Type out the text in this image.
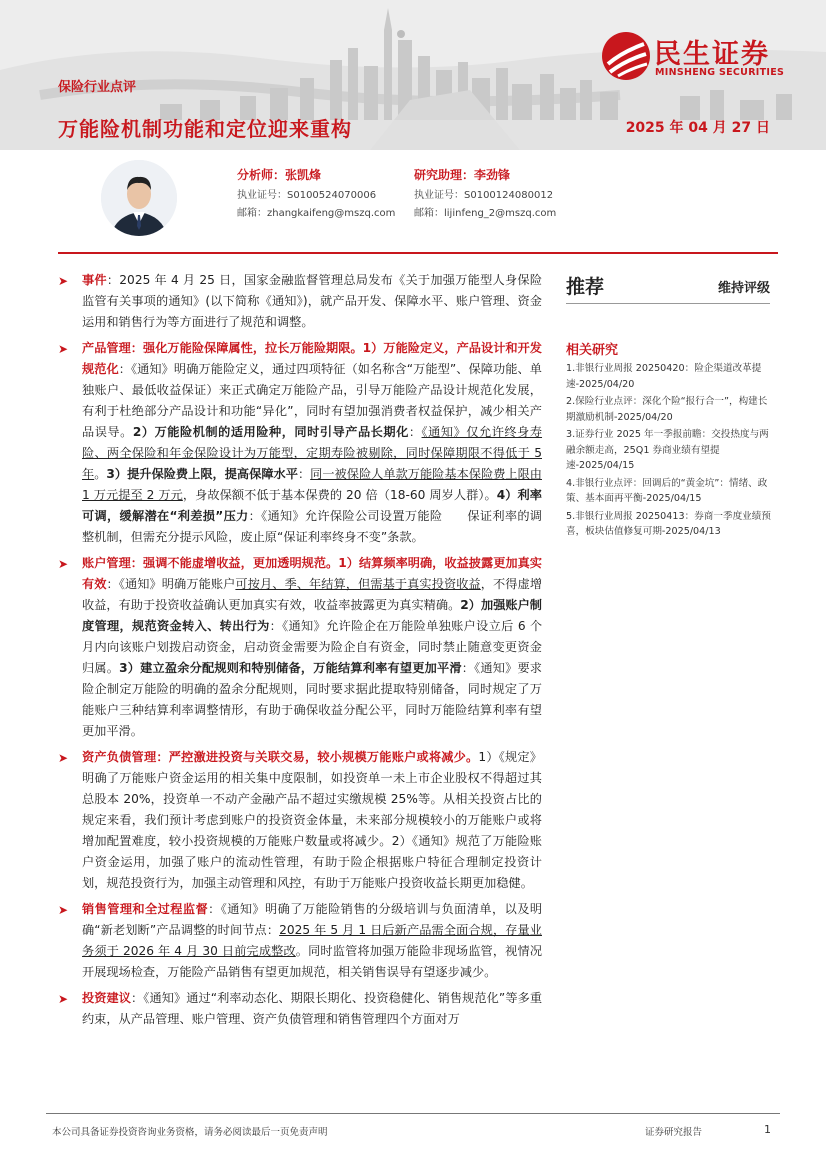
民生证券
MINSHENG SECURITIES
保险行业点评
万能险机制功能和定位迎来重构	2025 年 04 月 27 日
分析师：张凯烽
执业证号：S0100524070006
邮箱：zhangkaifeng@mszq.com
研究助理：李劲锋
执业证号：S0100124080012
邮箱：lijinfeng_2@mszq.com
推荐	维持评级
相关研究
1.非银行业周报 20250420：险企渠道改革提速-2025/04/20
2.保险行业点评：深化个险“报行合一”，构建长期激励机制-2025/04/20
3.证券行业 2025 年一季报前瞻：交投热度与两融余额走高，25Q1 券商业绩有望提速-2025/04/15
4.非银行业点评：回调后的“黄金坑”：情绪、政策、基本面再平衡-2025/04/15
5.非银行业周报 20250413：券商一季度业绩预喜，板块估值修复可期-2025/04/13

➤ 事件：2025 年 4 月 25 日，国家金融监督管理总局发布《关于加强万能型人身保险监管有关事项的通知》(以下简称《通知》)，就产品开发、保障水平、账户管理、资金运用和销售行为等方面进行了规范和调整。

➤ 产品管理：强化万能险保障属性，拉长万能险期限。1）万能险定义，产品设计和开发规范化：《通知》明确万能险定义，通过四项特征（如名称含“万能型”、保障功能、单独账户、最低收益保证）来正式确定万能险产品，引导万能险产品设计规范化发展，有利于杜绝部分产品设计和功能“异化”，同时有望加强消费者权益保护，减少相关产品误导。2）万能险机制的适用险种，同时引导产品长期化：《通知》仅允许终身寿险、两全保险和年金保险设计为万能型，定期寿险被剔除，同时保障期限不得低于 5 年。3）提升保险费上限，提高保障水平：同一被保险人单款万能险基本保险费上限由 1 万元提至 2 万元，身故保额不低于基本保费的 20 倍（18-60 周岁人群）。4）利率可调，缓解潜在“利差损”压力：《通知》允许保险公司设置万能险　　保证利率的调整机制，但需充分提示风险，废止原“保证利率终身不变”条款。

➤ 账户管理：强调不能虚增收益，更加透明规范。1）结算频率明确，收益披露更加真实有效：《通知》明确万能账户可按月、季、年结算，但需基于真实投资收益，不得虚增收益，有助于投资收益确认更加真实有效，收益率披露更为真实精确。2）加强账户制度管理，规范资金转入、转出行为：《通知》允许险企在万能险单独账户设立后 6 个月内向该账户划拨启动资金，启动资金需要为险企自有资金，同时禁止随意变更资金归属。3）建立盈余分配规则和特别储备，万能结算利率有望更加平滑：《通知》要求险企制定万能险的明确的盈余分配规则，同时要求据此提取特别储备，同时规定了万能账户三种结算利率调整情形，有助于确保收益分配公平，同时万能险结算利率有望更加平滑。

➤ 资产负债管理：严控激进投资与关联交易，较小规模万能账户或将减少。1）《规定》明确了万能账户资金运用的相关集中度限制，如投资单一未上市企业股权不得超过其总股本 20%，投资单一不动产金融产品不超过实缴规模 25%等。从相关投资占比的规定来看，我们预计考虑到账户的投资资金体量，未来部分规模较小的万能账户或将增加配置难度，较小投资规模的万能账户数量或将减少。2）《通知》规范了万能险账户资金运用，加强了账户的流动性管理，有助于险企根据账户特征合理制定投资计划，规范投资行为，加强主动管理和风控，有助于万能账户投资收益长期更加稳健。

➤ 销售管理和全过程监督：《通知》明确了万能险销售的分级培训与负面清单，以及明确“新老划断”产品调整的时间节点：2025 年 5 月 1 日后新产品需全面合规，存量业务须于 2026 年 4 月 30 日前完成整改。同时监管将加强万能险非现场监管，视情况开展现场检查，万能险产品销售有望更加规范，相关销售误导有望逐步减少。

➤ 投资建议：《通知》通过“利率动态化、期限长期化、投资稳健化、销售规范化”等多重约束，从产品管理、账户管理、资产负债管理和销售管理四个方面对万

本公司具备证券投资咨询业务资格，请务必阅读最后一页免责声明	证券研究报告	1
